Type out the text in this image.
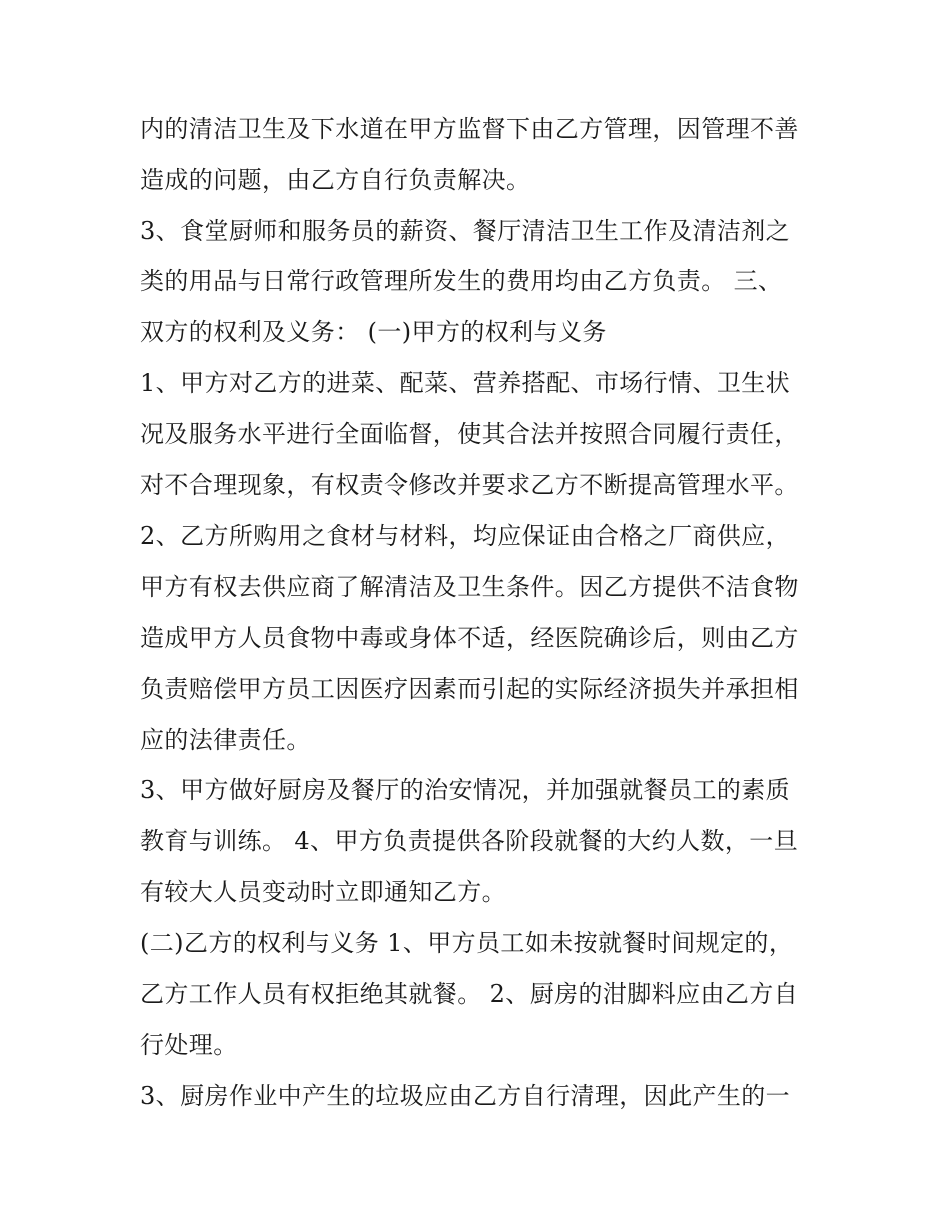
内的清洁卫生及下水道在甲方监督下由乙方管理，因管理不善
造成的问题，由乙方自行负责解决。
3、食堂厨师和服务员的薪资、餐厅清洁卫生工作及清洁剂之
类的用品与日常行政管理所发生的费用均由乙方负责。 三、
双方的权利及义务： (一)甲方的权利与义务
1、甲方对乙方的进菜、配菜、营养搭配、市场行情、卫生状
况及服务水平进行全面临督，使其合法并按照合同履行责任，
对不合理现象，有权责令修改并要求乙方不断提高管理水平。
2、乙方所购用之食材与材料，均应保证由合格之厂商供应，
甲方有权去供应商了解清洁及卫生条件。因乙方提供不洁食物
造成甲方人员食物中毒或身体不适，经医院确诊后，则由乙方
负责赔偿甲方员工因医疗因素而引起的实际经济损失并承担相
应的法律责任。
3、甲方做好厨房及餐厅的治安情况，并加强就餐员工的素质
教育与训练。 4、甲方负责提供各阶段就餐的大约人数，一旦
有较大人员变动时立即通知乙方。
(二)乙方的权利与义务 1、甲方员工如未按就餐时间规定的，
乙方工作人员有权拒绝其就餐。 2、厨房的泔脚料应由乙方自
行处理。
3、厨房作业中产生的垃圾应由乙方自行清理，因此产生的一
